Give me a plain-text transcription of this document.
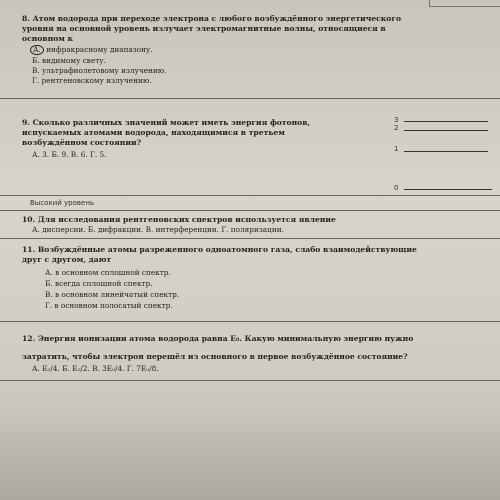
8. Атом водорода при переходе электрона с любого возбуждённого энергетического
уровня на основной уровень излучает электромагнитные волны, относящиеся в
основном к
А. инфракрасному диапазону.
Б. видимому свету.
В. ультрафиолетовому излучению.
Г. рентгеновскому излучению.
9. Сколько различных значений может иметь энергия фотонов,
испускаемых атомами водорода, находящимися в третьем
возбуждённом состоянии?
А. 3. Б. 9. В. 6. Г. 5.
3
2
1
0
Высокий уровень
10. Для исследования рентгеновских спектров используется явление
А. дисперсии. Б. дифракции. В. интерференции. Г. поляризации.
11. Возбуждённые атомы разреженного одноатомного газа, слабо взаимодействующие
друг с другом, дают
А. в основном сплошной спектр.
Б. всегда сплошной спектр.
В. в основном линейчатый спектр.
Г. в основном полосатый спектр.
12. Энергия ионизации атома водорода равна E₀. Какую минимальную энергию нужно
затратить, чтобы электрон перешёл из основного в первое возбуждённое состояние?
А. E₀/4. Б. E₀/2. В. 3E₀/4. Г. 7E₀/8.
